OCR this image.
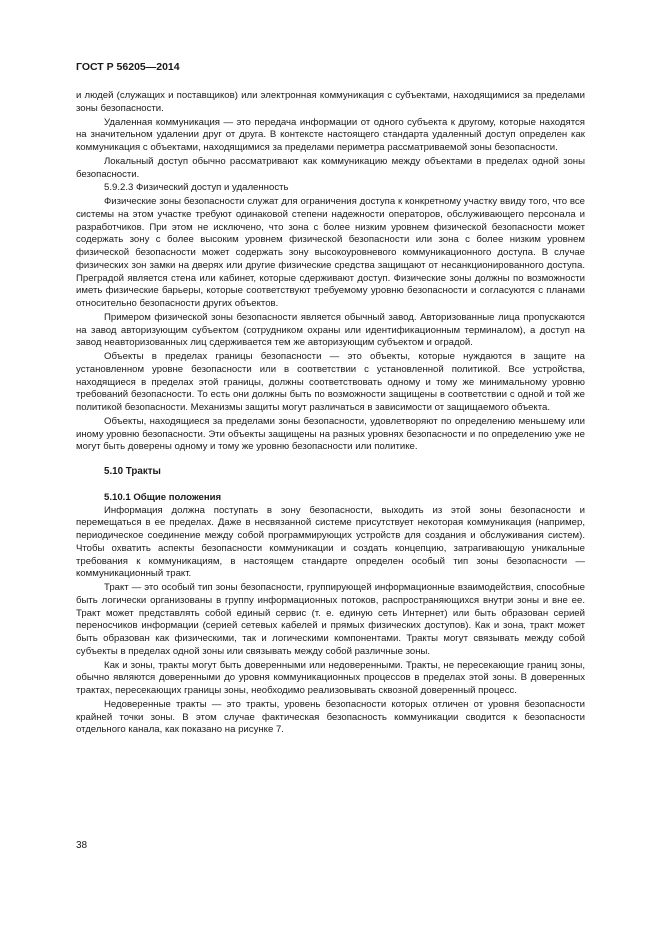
ГОСТ Р 56205—2014

и людей (служащих и поставщиков) или электронная коммуникация с субъектами, находящимися за пределами зоны безопасности.

Удаленная коммуникация — это передача информации от одного субъекта к другому, которые находятся на значительном удалении друг от друга. В контексте настоящего стандарта удаленный доступ определен как коммуникация с объектами, находящимися за пределами периметра рассматриваемой зоны безопасности.

Локальный доступ обычно рассматривают как коммуникацию между объектами в пределах одной зоны безопасности.

5.9.2.3 Физический доступ и удаленность

Физические зоны безопасности служат для ограничения доступа к конкретному участку ввиду того, что все системы на этом участке требуют одинаковой степени надежности операторов, обслуживающего персонала и разработчиков. При этом не исключено, что зона с более низким уровнем физической безопасности может содержать зону с более высоким уровнем физической безопасности или зона с более низким уровнем физической безопасности может содержать зону высокоуровневого коммуникационного доступа. В случае физических зон замки на дверях или другие физические средства защищают от несанкционированного доступа. Преградой является стена или кабинет, которые сдерживают доступ. Физические зоны должны по возможности иметь физические барьеры, которые соответствуют требуемому уровню безопасности и согласуются с планами относительно безопасности других объектов.

Примером физической зоны безопасности является обычный завод. Авторизованные лица пропускаются на завод авторизующим субъектом (сотрудником охраны или идентификационным терминалом), а доступ на завод неавторизованных лиц сдерживается тем же авторизующим субъектом и оградой.

Объекты в пределах границы безопасности — это объекты, которые нуждаются в защите на установленном уровне безопасности или в соответствии с установленной политикой. Все устройства, находящиеся в пределах этой границы, должны соответствовать одному и тому же минимальному уровню требований безопасности. То есть они должны быть по возможности защищены в соответствии с одной и той же политикой безопасности. Механизмы защиты могут различаться в зависимости от защищаемого объекта.

Объекты, находящиеся за пределами зоны безопасности, удовлетворяют по определению меньшему или иному уровню безопасности. Эти объекты защищены на разных уровнях безопасности и по определению уже не могут быть доверены одному и тому же уровню безопасности или политике.

5.10 Тракты
5.10.1 Общие положения

Информация должна поступать в зону безопасности, выходить из этой зоны безопасности и перемещаться в ее пределах. Даже в несвязанной системе присутствует некоторая коммуникация (например, периодическое соединение между собой программирующих устройств для создания и обслуживания систем). Чтобы охватить аспекты безопасности коммуникации и создать концепцию, затрагивающую уникальные требования к коммуникациям, в настоящем стандарте определен особый тип зоны безопасности — коммуникационный тракт.

Тракт — это особый тип зоны безопасности, группирующей информационные взаимодействия, способные быть логически организованы в группу информационных потоков, распространяющихся внутри зоны и вне ее. Тракт может представлять собой единый сервис (т. е. единую сеть Интернет) или быть образован серией переносчиков информации (серией сетевых кабелей и прямых физических доступов). Как и зона, тракт может быть образован как физическими, так и логическими компонентами. Тракты могут связывать между собой субъекты в пределах одной зоны или связывать между собой различные зоны.

Как и зоны, тракты могут быть доверенными или недоверенными. Тракты, не пересекающие границ зоны, обычно являются доверенными до уровня коммуникационных процессов в пределах этой зоны. В доверенных трактах, пересекающих границы зоны, необходимо реализовывать сквозной доверенный процесс.

Недоверенные тракты — это тракты, уровень безопасности которых отличен от уровня безопасности крайней точки зоны. В этом случае фактическая безопасность коммуникации сводится к безопасности отдельного канала, как показано на рисунке 7.

38
